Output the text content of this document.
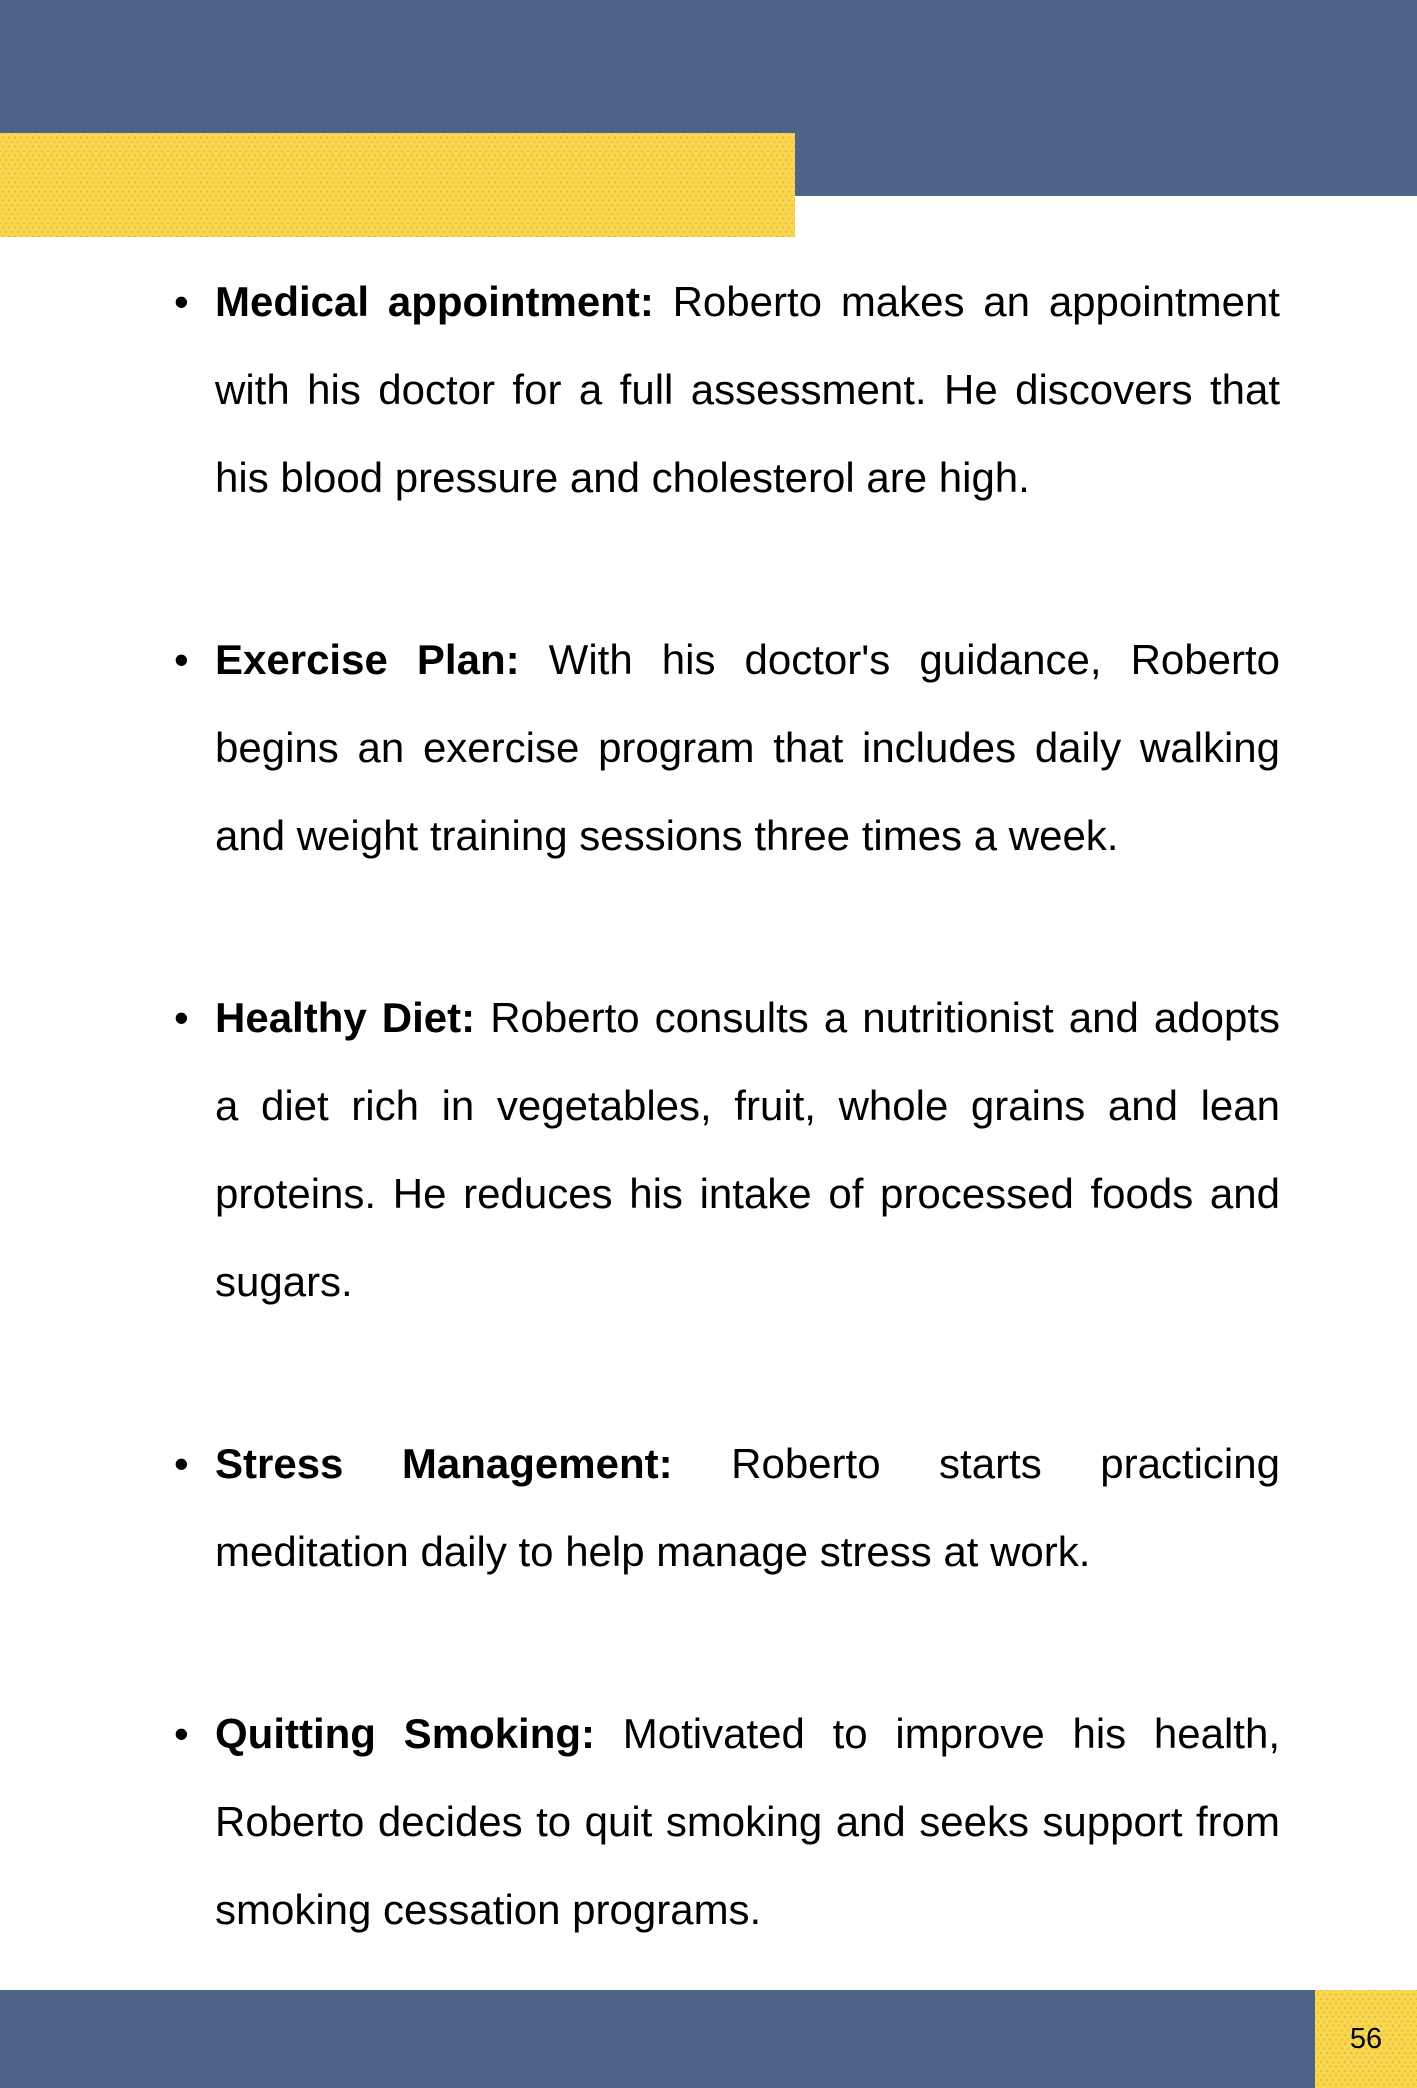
• Medical appointment: Roberto makes an appointment with his doctor for a full assessment. He discovers that his blood pressure and cholesterol are high.
• Exercise Plan: With his doctor's guidance, Roberto begins an exercise program that includes daily walking and weight training sessions three times a week.
• Healthy Diet: Roberto consults a nutritionist and adopts a diet rich in vegetables, fruit, whole grains and lean proteins. He reduces his intake of processed foods and sugars.
• Stress Management: Roberto starts practicing meditation daily to help manage stress at work.
• Quitting Smoking: Motivated to improve his health, Roberto decides to quit smoking and seeks support from smoking cessation programs.
56
